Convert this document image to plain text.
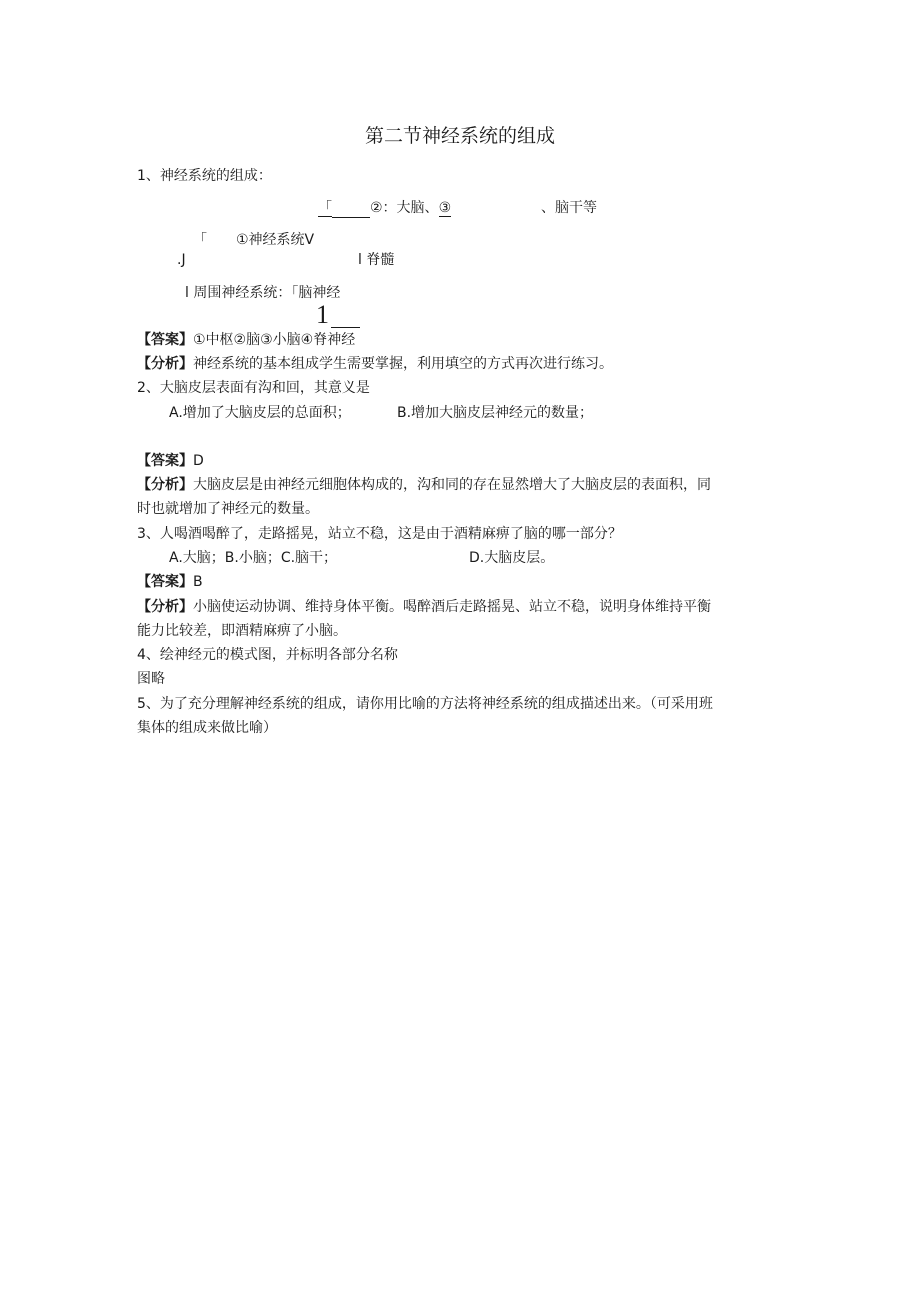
第二节神经系统的组成
1、神经系统的组成：
「	②：大脑、③	、脑干等
「 ①神经系统Ⅴ
.J	l 脊髓
l 周围神经系统：「脑神经
1
【答案】①中枢②脑③小脑④脊神经
【分析】神经系统的基本组成学生需要掌握，利用填空的方式再次进行练习。
2、大脑皮层表面有沟和回，其意义是
A.增加了大脑皮层的总面积；	B.增加大脑皮层神经元的数量；
【答案】D
【分析】大脑皮层是由神经元细胞体构成的，沟和同的存在显然增大了大脑皮层的表面积，同
时也就增加了神经元的数量。
3、人喝酒喝醉了，走路摇晃，站立不稳，这是由于酒精麻痹了脑的哪一部分？
A.大脑；B.小脑；C.脑干；	D.大脑皮层。
【答案】B
【分析】小脑使运动协调、维持身体平衡。喝醉酒后走路摇晃、站立不稳，说明身体维持平衡
能力比较差，即酒精麻痹了小脑。
4、绘神经元的模式图，并标明各部分名称
图略
5、为了充分理解神经系统的组成，请你用比喻的方法将神经系统的组成描述出来。（可采用班
集体的组成来做比喻）
